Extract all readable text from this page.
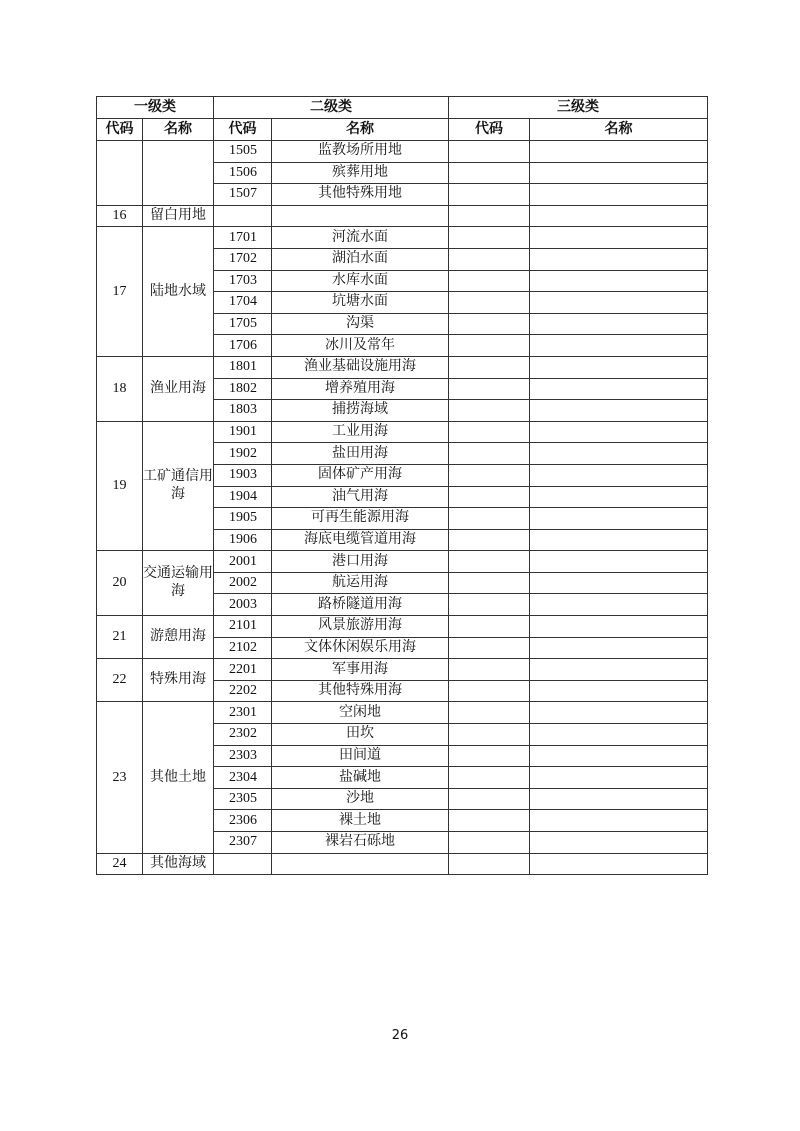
一级类		二级类		三级类	
代码	名称	代码	名称	代码	名称
		1505	监教场所用地		
		1506	殡葬用地		
		1507	其他特殊用地		
16	留白用地				
17	陆地水域	1701	河流水面		
		1702	湖泊水面		
		1703	水库水面		
		1704	坑塘水面		
		1705	沟渠		
		1706	冰川及常年		
18	渔业用海	1801	渔业基础设施用海		
		1802	增养殖用海		
		1803	捕捞海域		
19	工矿通信用海	1901	工业用海		
		1902	盐田用海		
		1903	固体矿产用海		
		1904	油气用海		
		1905	可再生能源用海		
		1906	海底电缆管道用海		
20	交通运输用海	2001	港口用海		
		2002	航运用海		
		2003	路桥隧道用海		
21	游憩用海	2101	风景旅游用海		
		2102	文体休闲娱乐用海		
22	特殊用海	2201	军事用海		
		2202	其他特殊用海		
23	其他土地	2301	空闲地		
		2302	田坎		
		2303	田间道		
		2304	盐碱地		
		2305	沙地		
		2306	裸土地		
		2307	裸岩石砾地		
24	其他海域				
26
